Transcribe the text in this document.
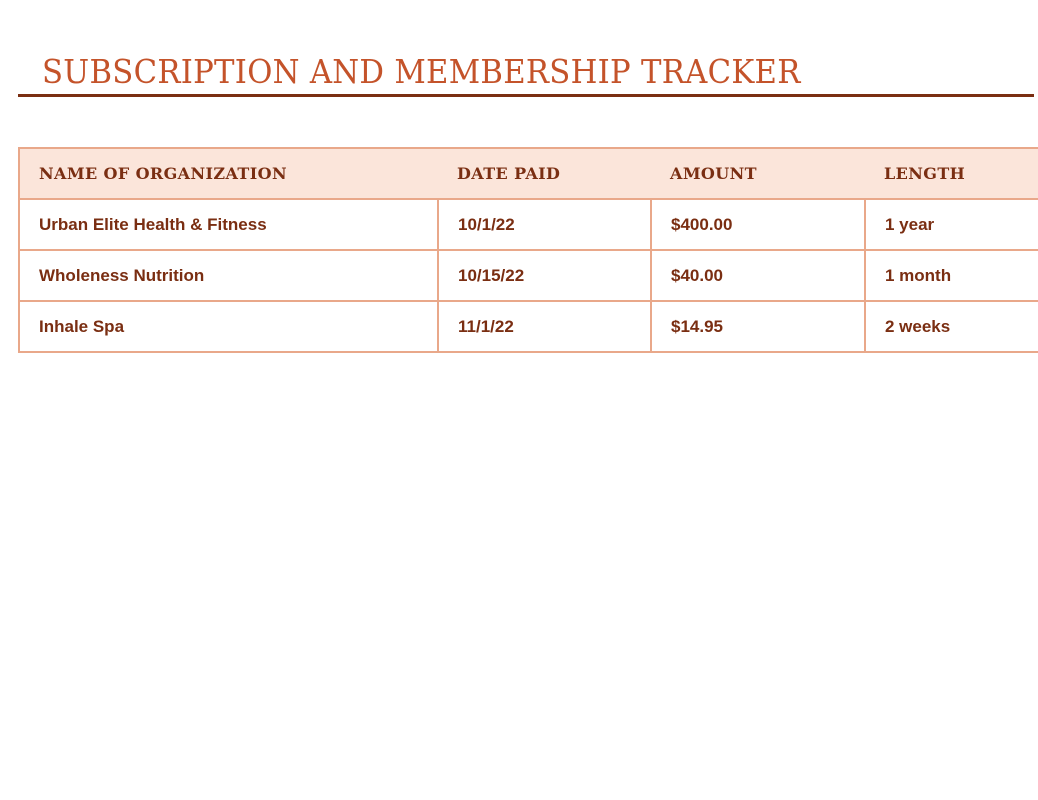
SUBSCRIPTION AND MEMBERSHIP TRACKER
NAME OF ORGANIZATION	DATE PAID	AMOUNT	LENGTH
Urban Elite Health & Fitness	10/1/22	$400.00	1 year
Wholeness Nutrition	10/15/22	$40.00	1 month
Inhale Spa	11/1/22	$14.95	2 weeks
